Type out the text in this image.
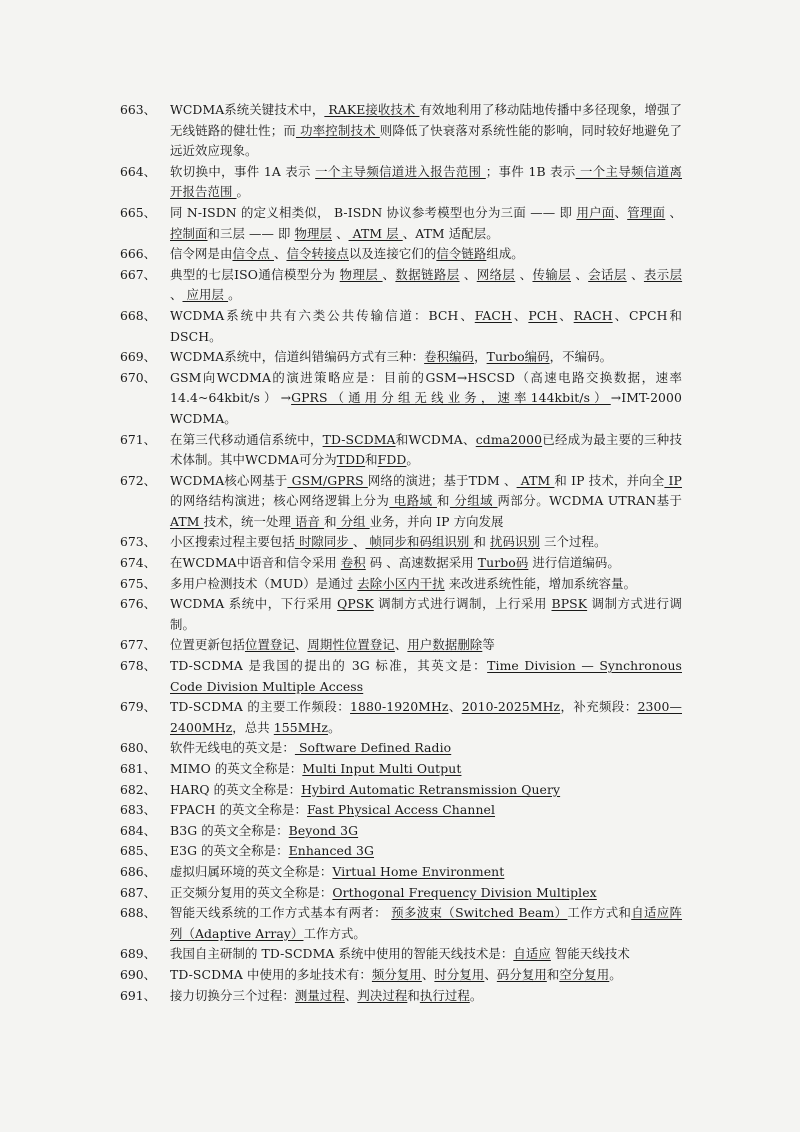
663、	WCDMA系统关键技术中， RAKE接收技术 有效地利用了移动陆地传播中多径现象，增强了无线链路的健壮性；而 功率控制技术 则降低了快衰落对系统性能的影响，同时较好地避免了远近效应现象。
664、	软切换中，事件 1A 表示 一个主导频信道进入报告范围 ；事件 1B 表示 一个主导频信道离开报告范围 。
665、	同 N-ISDN 的定义相类似， B-ISDN 协议参考模型也分为三面 —— 即 用户面、管理面 、控制面和三层 —— 即 物理层 、 ATM 层 、ATM 适配层。
666、	信令网是由信令点 、信令转接点以及连接它们的信令链路组成。
667、	典型的七层ISO通信模型分为 物理层 、数据链路层 、网络层 、传输层 、会话层 、表示层 、 应用层 。
668、	WCDMA系统中共有六类公共传输信道：BCH、FACH、PCH、RACH、CPCH和DSCH。
669、	WCDMA系统中，信道纠错编码方式有三种：卷积编码，Turbo编码，不编码。
670、	GSM向WCDMA的演进策略应是：目前的GSM→HSCSD（高速电路交换数据，速率 14.4~64kbit/s）→GPRS（通用分组无线业务，速率144kbit/s）→IMT-2000 WCDMA。
671、	在第三代移动通信系统中，TD-SCDMA和WCDMA、cdma2000已经成为最主要的三种技术体制。其中WCDMA可分为TDD和FDD。
672、	WCDMA核心网基于 GSM/GPRS 网络的演进；基于TDM 、 ATM 和 IP 技术，并向全 IP 的网络结构演进；核心网络逻辑上分为 电路域 和 分组域 两部分。WCDMA UTRAN基于 ATM 技术，统一处理 语音 和 分组 业务，并向 IP 方向发展
673、	小区搜索过程主要包括 时隙同步 、 帧同步和码组识别 和 扰码识别 三个过程。
674、	在WCDMA中语音和信令采用 卷积 码 、高速数据采用 Turbo码 进行信道编码。
675、	多用户检测技术（MUD）是通过 去除小区内干扰 来改进系统性能，增加系统容量。
676、	WCDMA 系统中，下行采用 QPSK 调制方式进行调制，上行采用 BPSK 调制方式进行调制。
677、	位置更新包括位置登记、周期性位置登记、用户数据删除等
678、	TD-SCDMA 是我国的提出的 3G 标准，其英文是：Time Division — Synchronous Code Division Multiple Access
679、	TD-SCDMA 的主要工作频段：1880-1920MHz、2010-2025MHz，补充频段：2300—2400MHz，总共 155MHz。
680、	软件无线电的英文是： Software Defined Radio
681、	MIMO 的英文全称是：Multi Input Multi Output
682、	HARQ 的英文全称是：Hybird Automatic Retransmission Query
683、	FPACH 的英文全称是：Fast Physical Access Channel
684、	B3G 的英文全称是：Beyond 3G
685、	E3G 的英文全称是：Enhanced 3G
686、	虚拟归属环境的英文全称是：Virtual Home Environment
687、	正交频分复用的英文全称是：Orthogonal Frequency Division Multiplex
688、	智能天线系统的工作方式基本有两者： 预多波束（Switched Beam）工作方式和自适应阵列（Adaptive Array）工作方式。
689、	我国自主研制的 TD-SCDMA 系统中使用的智能天线技术是：自适应 智能天线技术
690、	TD-SCDMA 中使用的多址技术有：频分复用、时分复用、码分复用和空分复用。
691、	接力切换分三个过程：测量过程、判决过程和执行过程。
